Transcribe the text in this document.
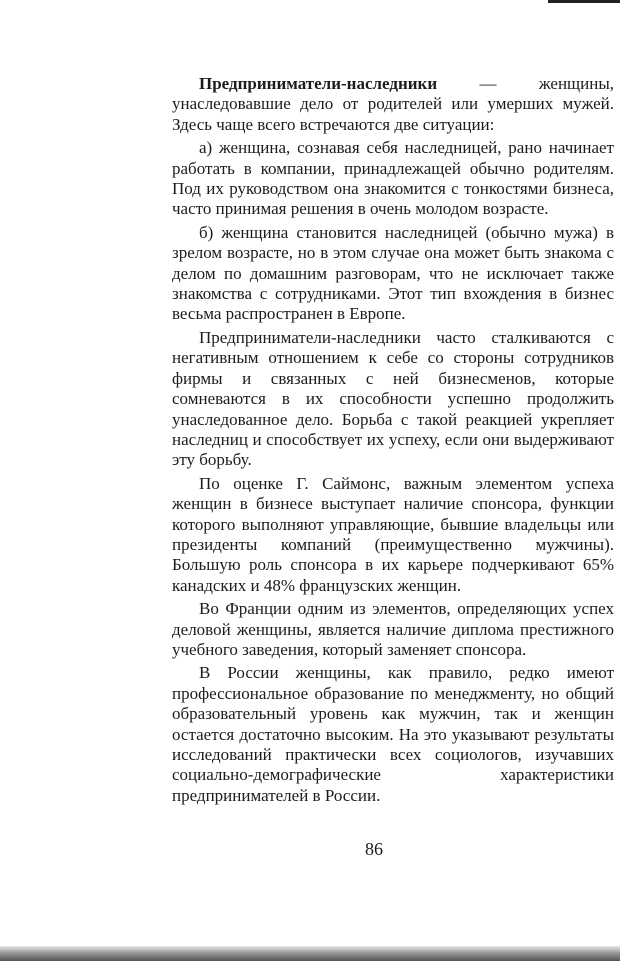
Предприниматели-наследники — женщины, унаследовавшие дело от родителей или умерших мужей. Здесь чаще всего встречаются две ситуации:

а) женщина, сознавая себя наследницей, рано начинает работать в компании, принадлежащей обычно родителям. Под их руководством она знакомится с тонкостями бизнеса, часто принимая решения в очень молодом возрасте.

б) женщина становится наследницей (обычно мужа) в зрелом возрасте, но в этом случае она может быть знакома с делом по домашним разговорам, что не исключает также знакомства с сотрудниками. Этот тип вхождения в бизнес весьма распространен в Европе.

Предприниматели-наследники часто сталкиваются с негативным отношением к себе со стороны сотрудников фирмы и связанных с ней бизнесменов, которые сомневаются в их способности успешно продолжить унаследованное дело. Борьба с такой реакцией укрепляет наследниц и способствует их успеху, если они выдерживают эту борьбу.

По оценке Г. Саймонс, важным элементом успеха женщин в бизнесе выступает наличие спонсора, функции которого выполняют управляющие, бывшие владельцы или президенты компаний (преимущественно мужчины). Большую роль спонсора в их карьере подчеркивают 65% канадских и 48% французских женщин.

Во Франции одним из элементов, определяющих успех деловой женщины, является наличие диплома престижного учебного заведения, который заменяет спонсора.

В России женщины, как правило, редко имеют профессиональное образование по менеджменту, но общий образовательный уровень как мужчин, так и женщин остается достаточно высоким. На это указывают результаты исследований практически всех социологов, изучавших социально-демографические характеристики предпринимателей в России.

86
